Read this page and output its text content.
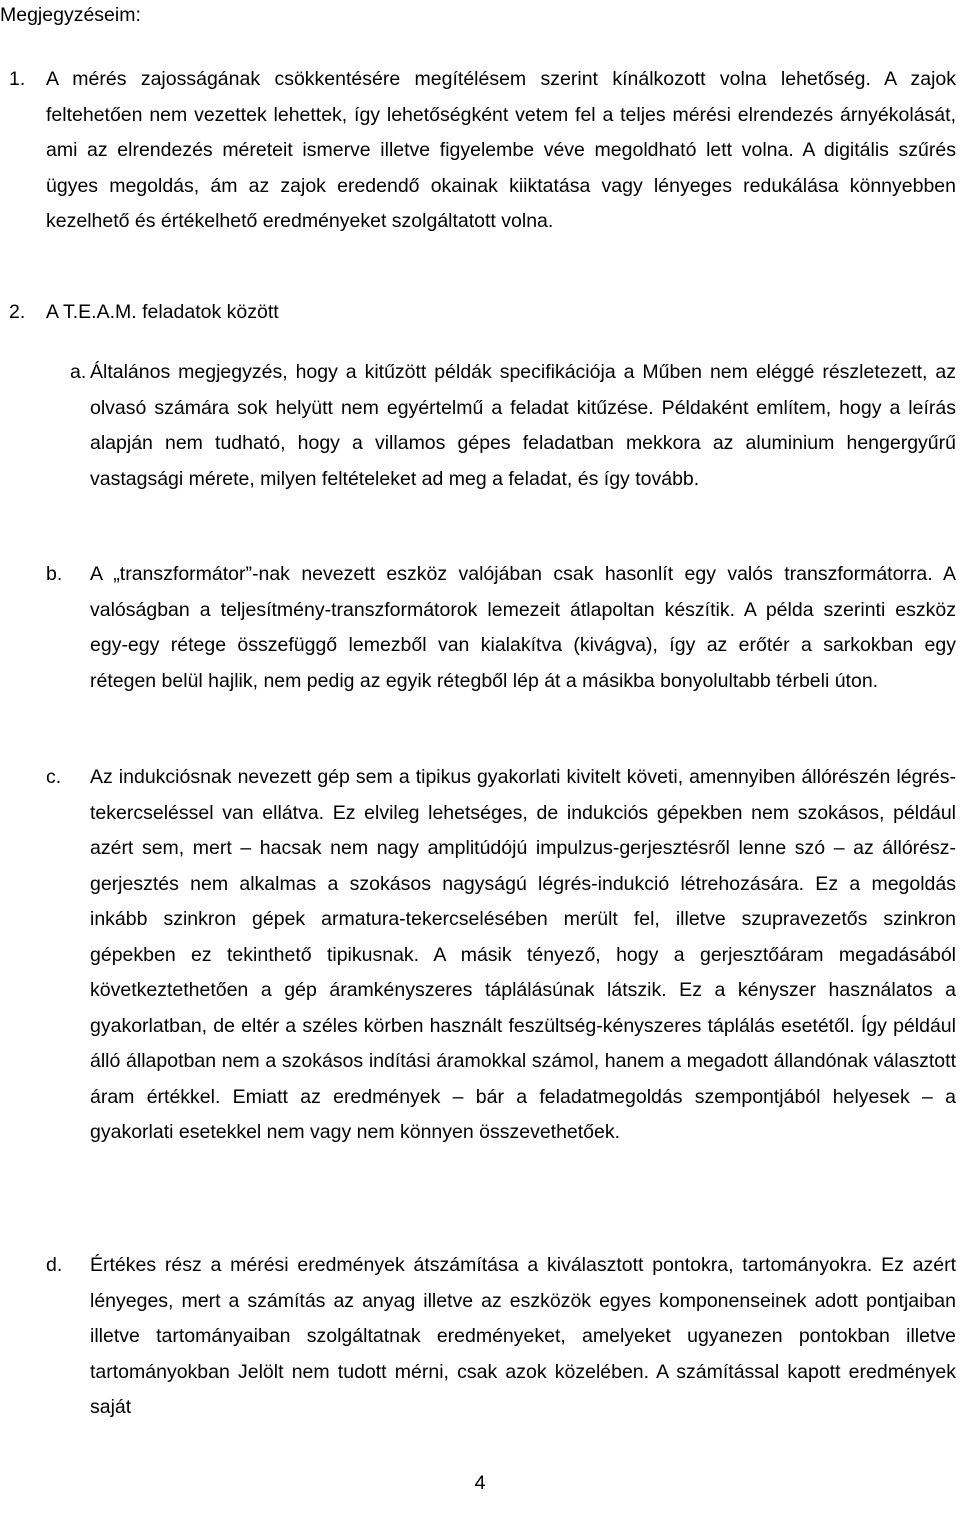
Megjegyzéseim:
1. A mérés zajosságának csökkentésére megítélésem szerint kínálkozott volna lehetőség. A zajok feltehetően nem vezettek lehettek, így lehetőségként vetem fel a teljes mérési elrendezés árnyékolását, ami az elrendezés méreteit ismerve illetve figyelembe véve megoldható lett volna. A digitális szűrés ügyes megoldás, ám az zajok eredendő okainak kiiktatása vagy lényeges redukálása könnyebben kezelhető és értékelhető eredményeket szolgáltatott volna.
2. A T.E.A.M. feladatok között
a. Általános megjegyzés, hogy a kitűzött példák specifikációja a Műben nem eléggé részletezett, az olvasó számára sok helyütt nem egyértelmű a feladat kitűzése. Példaként említem, hogy a leírás alapján nem tudható, hogy a villamos gépes feladatban mekkora az aluminium hengergyűrű vastagsági mérete, milyen feltételeket ad meg a feladat, és így tovább.
b. A „transzformátor”-nak nevezett eszköz valójában csak hasonlít egy valós transzformátorra. A valóságban a teljesítmény-transzformátorok lemezeit átlapoltan készítik. A példa szerinti eszköz egy-egy rétege összefüggő lemezből van kialakítva (kivágva), így az erőtér a sarkokban egy rétegen belül hajlik, nem pedig az egyik rétegből lép át a másikba bonyolultabb térbeli úton.
c. Az indukciósnak nevezett gép sem a tipikus gyakorlati kivitelt követi, amennyiben állórészén légrés-tekercseléssel van ellátva. Ez elvileg lehetséges, de indukciós gépekben nem szokásos, például azért sem, mert – hacsak nem nagy amplitúdójú impulzus-gerjesztésről lenne szó – az állórész-gerjesztés nem alkalmas a szokásos nagyságú légrés-indukció létrehozására. Ez a megoldás inkább szinkron gépek armatura-tekercselésében merült fel, illetve szupravezetős szinkron gépekben ez tekinthető tipikusnak. A másik tényező, hogy a gerjesztőáram megadásából következtethetően a gép áramkényszeres táplálásúnak látszik. Ez a kényszer használatos a gyakorlatban, de eltér a széles körben használt feszültség-kényszeres táplálás esetétől. Így például álló állapotban nem a szokásos indítási áramokkal számol, hanem a megadott állandónak választott áram értékkel. Emiatt az eredmények – bár a feladatmegoldás szempontjából helyesek – a gyakorlati esetekkel nem vagy nem könnyen összevethetőek.
d. Értékes rész a mérési eredmények átszámítása a kiválasztott pontokra, tartományokra. Ez azért lényeges, mert a számítás az anyag illetve az eszközök egyes komponenseinek adott pontjaiban illetve tartományaiban szolgáltatnak eredményeket, amelyeket ugyanezen pontokban illetve tartományokban Jelölt nem tudott mérni, csak azok közelében. A számítással kapott eredmények saját
4
